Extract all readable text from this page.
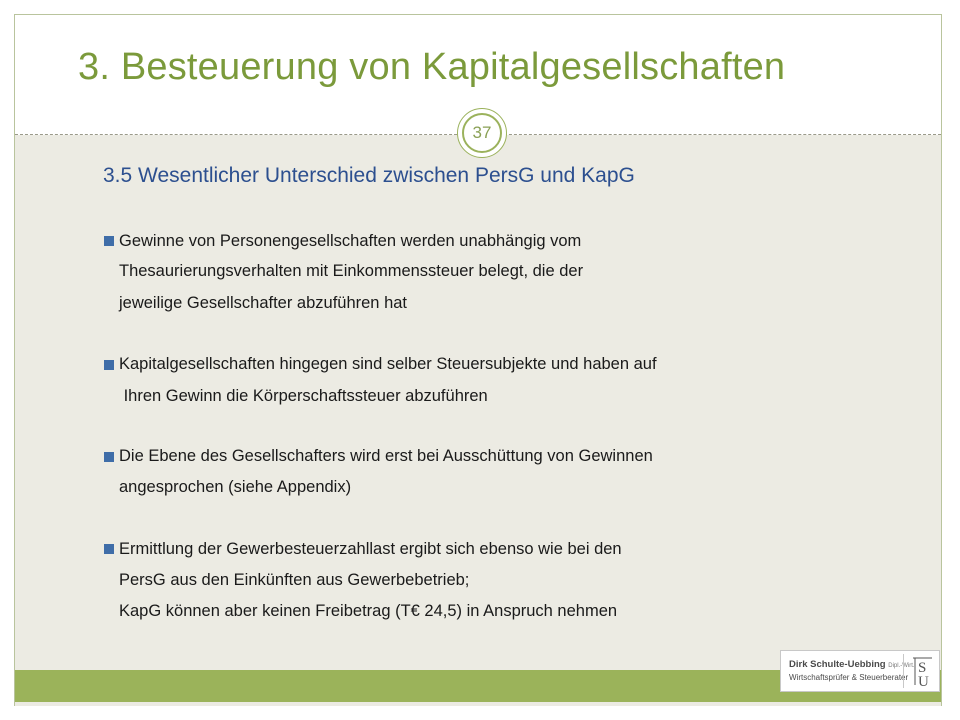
3. Besteuerung von Kapitalgesellschaften
37
3.5 Wesentlicher Unterschied zwischen PersG und KapG
Gewinne von Personengesellschaften werden unabhängig vom
Thesaurierungsverhalten mit Einkommenssteuer belegt, die der
jeweilige Gesellschafter abzuführen hat
Kapitalgesellschaften hingegen sind selber Steuersubjekte und haben auf
Ihren Gewinn die Körperschaftssteuer abzuführen
Die Ebene des Gesellschafters wird erst bei Ausschüttung von Gewinnen
angesprochen (siehe Appendix)
Ermittlung der Gewerbesteuerzahllast ergibt sich ebenso wie bei den
PersG aus den Einkünften aus Gewerbebetrieb;
KapG können aber keinen Freibetrag (T€ 24,5) in Anspruch nehmen
Dirk Schulte-Uebbing Dipl.-Wirt.
Wirtschaftsprüfer & Steuerberater
S
U
